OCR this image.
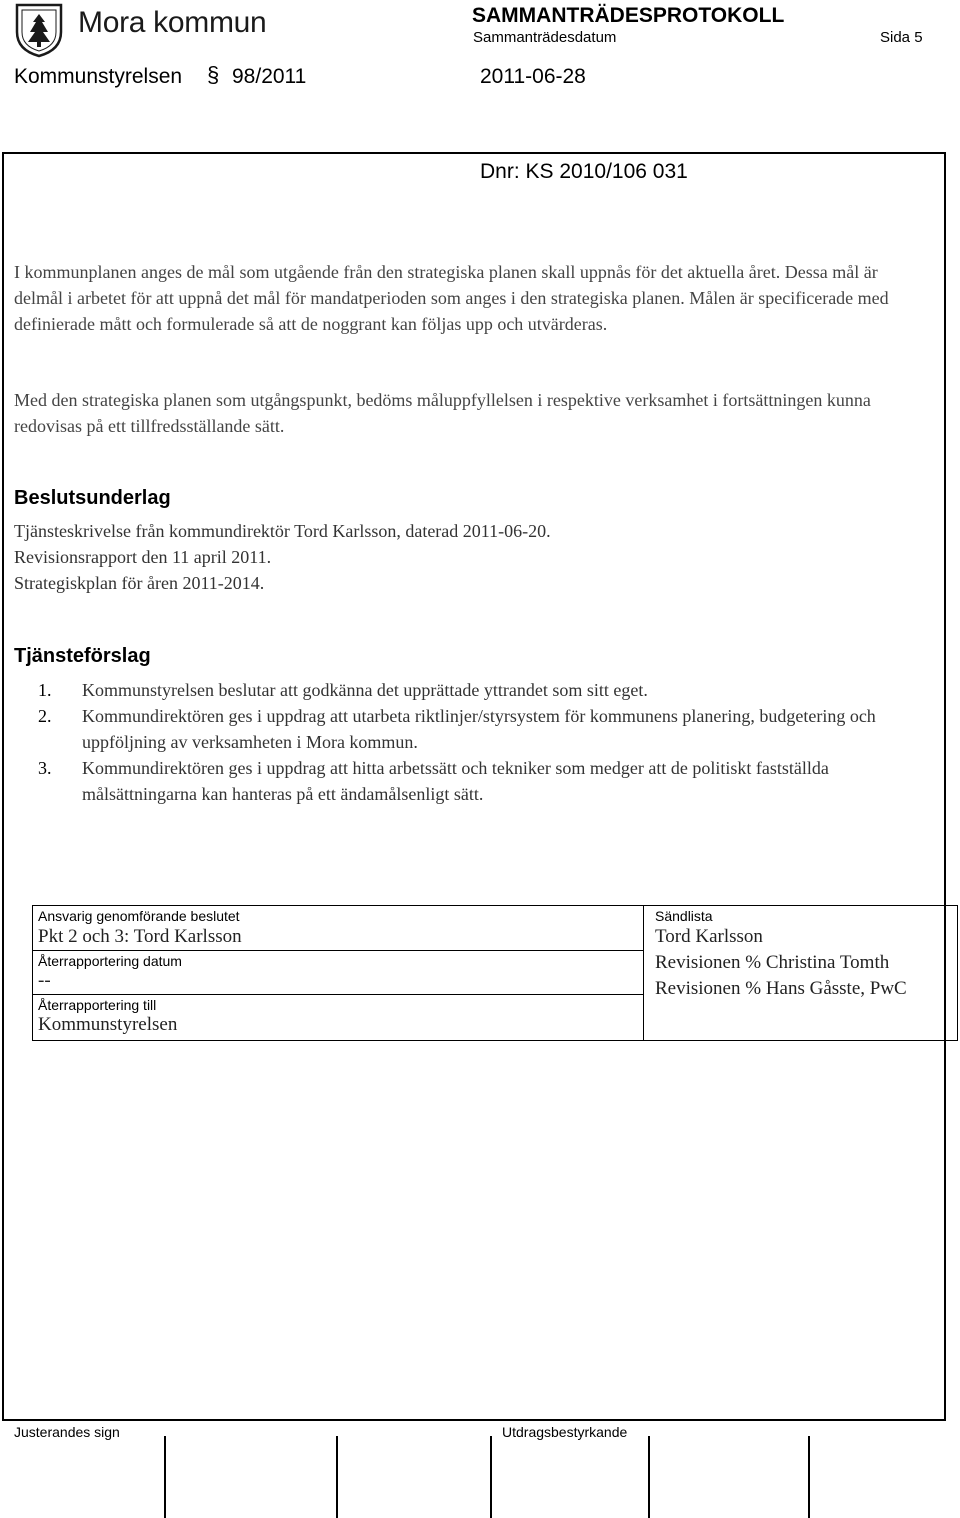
Mora kommun	SAMMANTRÄDESPROTOKOLL
Sammanträdesdatum	Sida 5
Kommunstyrelsen § 98/2011	2011-06-28
Dnr: KS 2010/106 031
I kommunplanen anges de mål som utgående från den strategiska planen skall uppnås för det aktuella året. Dessa mål är delmål i arbetet för att uppnå det mål för mandatperioden som anges i den strategiska planen. Målen är specificerade med definierade mått och formulerade så att de noggrant kan följas upp och utvärderas.
Med den strategiska planen som utgångspunkt, bedöms måluppfyllelsen i respektive verksamhet i fortsättningen kunna redovisas på ett tillfredsställande sätt.
Beslutsunderlag
Tjänsteskrivelse från kommundirektör Tord Karlsson, daterad 2011-06-20.
Revisionsrapport den 11 april 2011.
Strategiskplan för åren 2011-2014.
Tjänsteförslag
1. Kommunstyrelsen beslutar att godkänna det upprättade yttrandet som sitt eget.
2. Kommundirektören ges i uppdrag att utarbeta riktlinjer/styrsystem för kommunens planering, budgetering och uppföljning av verksamheten i Mora kommun.
3. Kommundirektören ges i uppdrag att hitta arbetssätt och tekniker som medger att de politiskt fastställda målsättningarna kan hanteras på ett ändamålsenligt sätt.
Ansvarig genomförande beslutet
Pkt 2 och 3: Tord Karlsson
Återrapportering datum
--
Återrapportering till
Kommunstyrelsen
Sändlista
Tord Karlsson
Revisionen % Christina Tomth
Revisionen % Hans Gåsste, PwC
Justerandes sign	Utdragsbestyrkande
